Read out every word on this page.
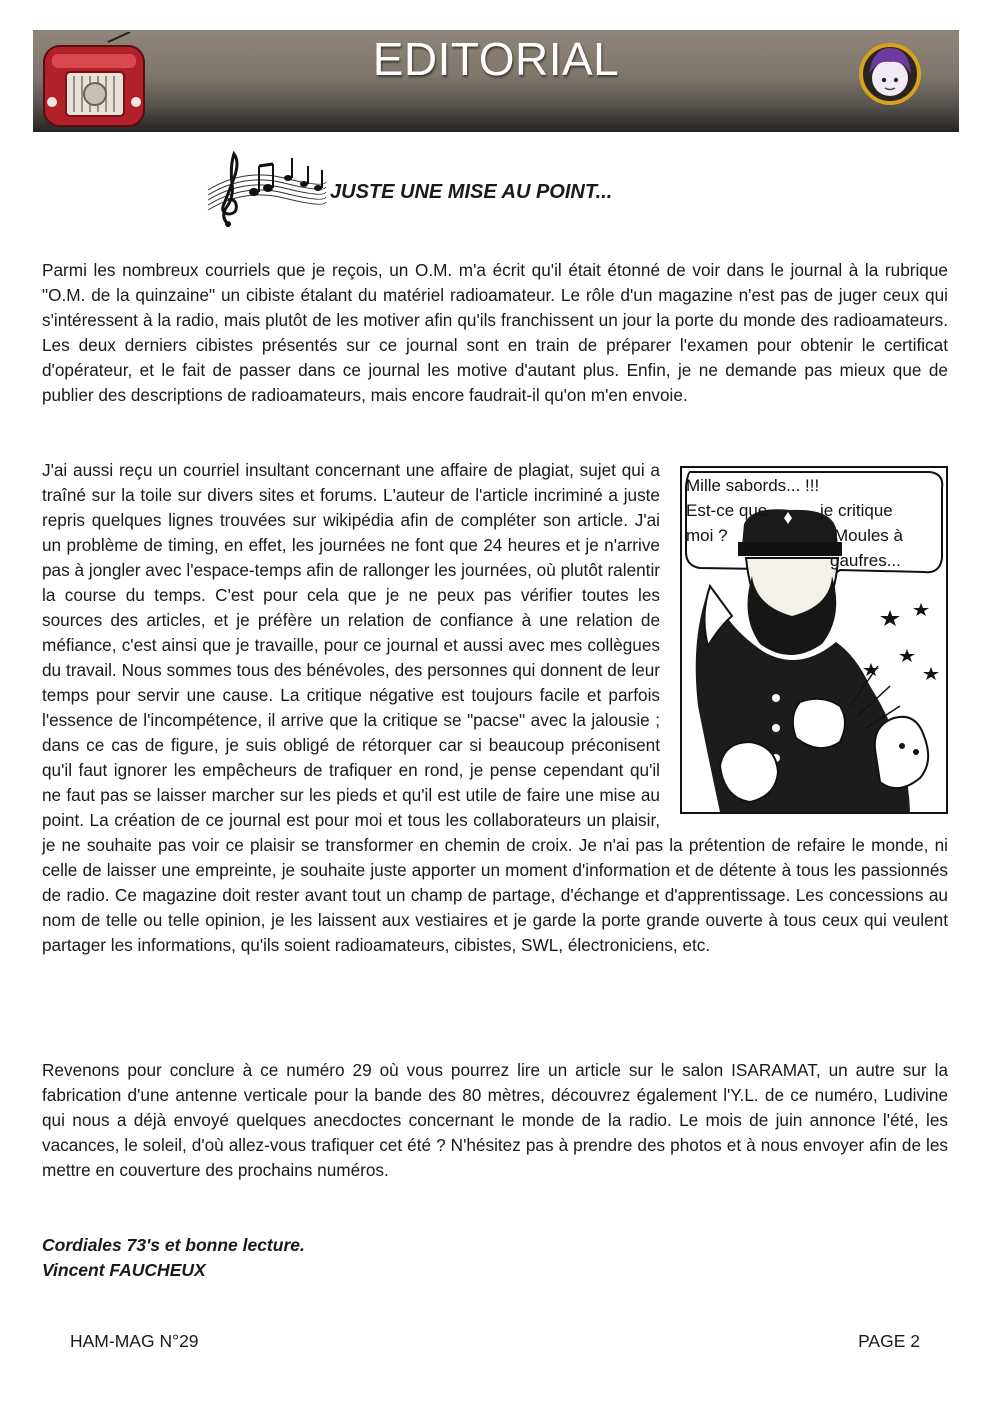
EDITORIAL
JUSTE UNE MISE AU POINT...

Parmi les nombreux courriels que je reçois, un O.M. m'a écrit qu'il était étonné de voir dans le journal à la rubrique "O.M. de la quinzaine" un cibiste étalant du matériel radioamateur. Le rôle d'un magazine n'est pas de juger ceux qui s'intéressent à la radio, mais plutôt de les motiver afin qu'ils franchissent un jour la porte du monde des radioamateurs. Les deux derniers cibistes présentés sur ce journal sont en train de préparer l'examen pour obtenir le certificat d'opérateur, et le fait de passer dans ce journal les motive d'autant plus. Enfin, je ne demande pas mieux que de publier des descriptions de radioamateurs, mais encore faudrait-il qu'on m'en envoie.

Mille sabords... !!!
Est-ce que	je critique
moi ?	Moules à
gaufres...
J'ai aussi reçu un courriel insultant concernant une affaire de plagiat, sujet qui a traîné sur la toile sur divers sites et forums. L'auteur de l'article incriminé a juste repris quelques lignes trouvées sur wikipédia afin de compléter son article. J'ai un problème de timing, en effet, les journées ne font que 24 heures et je n'arrive pas à jongler avec l'espace-temps afin de rallonger les journées, où plutôt ralentir la course du temps. C'est pour cela que je ne peux pas vérifier toutes les sources des articles, et je préfère un relation de confiance à une relation de méfiance, c'est ainsi que je travaille, pour ce journal et aussi avec mes collègues du travail. Nous sommes tous des bénévoles, des personnes qui donnent de leur temps pour servir une cause. La critique négative est toujours facile et parfois l'essence de l'incompétence, il arrive que la critique se "pacse" avec la jalousie ; dans ce cas de figure, je suis obligé de rétorquer car si beaucoup préconisent qu'il faut ignorer les empêcheurs de trafiquer en rond, je pense cependant qu'il ne faut pas se laisser marcher sur les pieds et qu'il est utile de faire une mise au point. La création de ce journal est pour moi et tous les collaborateurs un plaisir, je ne souhaite pas voir ce plaisir se transformer en chemin de croix. Je n'ai pas la prétention de refaire le monde, ni celle de laisser une empreinte, je souhaite juste apporter un moment d'information et de détente à tous les passionnés de radio. Ce magazine doit rester avant tout un champ de partage, d'échange et d'apprentissage. Les concessions au nom de telle ou telle opinion, je les laissent aux vestiaires et je garde la porte grande ouverte à tous ceux qui veulent partager les informations, qu'ils soient radioamateurs, cibistes, SWL, électroniciens, etc.

Revenons pour conclure à ce numéro 29 où vous pourrez lire un article sur le salon ISARAMAT, un autre sur la fabrication d'une antenne verticale pour la bande des 80 mètres, découvrez également l'Y.L. de ce numéro, Ludivine qui nous a déjà envoyé quelques anecdoctes concernant le monde de la radio. Le mois de juin annonce l'été, les vacances, le soleil, d'où allez-vous trafiquer cet été ? N'hésitez pas à prendre des photos et à nous envoyer afin de les mettre en couverture des prochains numéros.

Cordiales 73's et bonne lecture.
Vincent FAUCHEUX
HAM-MAG N°29	PAGE 2
